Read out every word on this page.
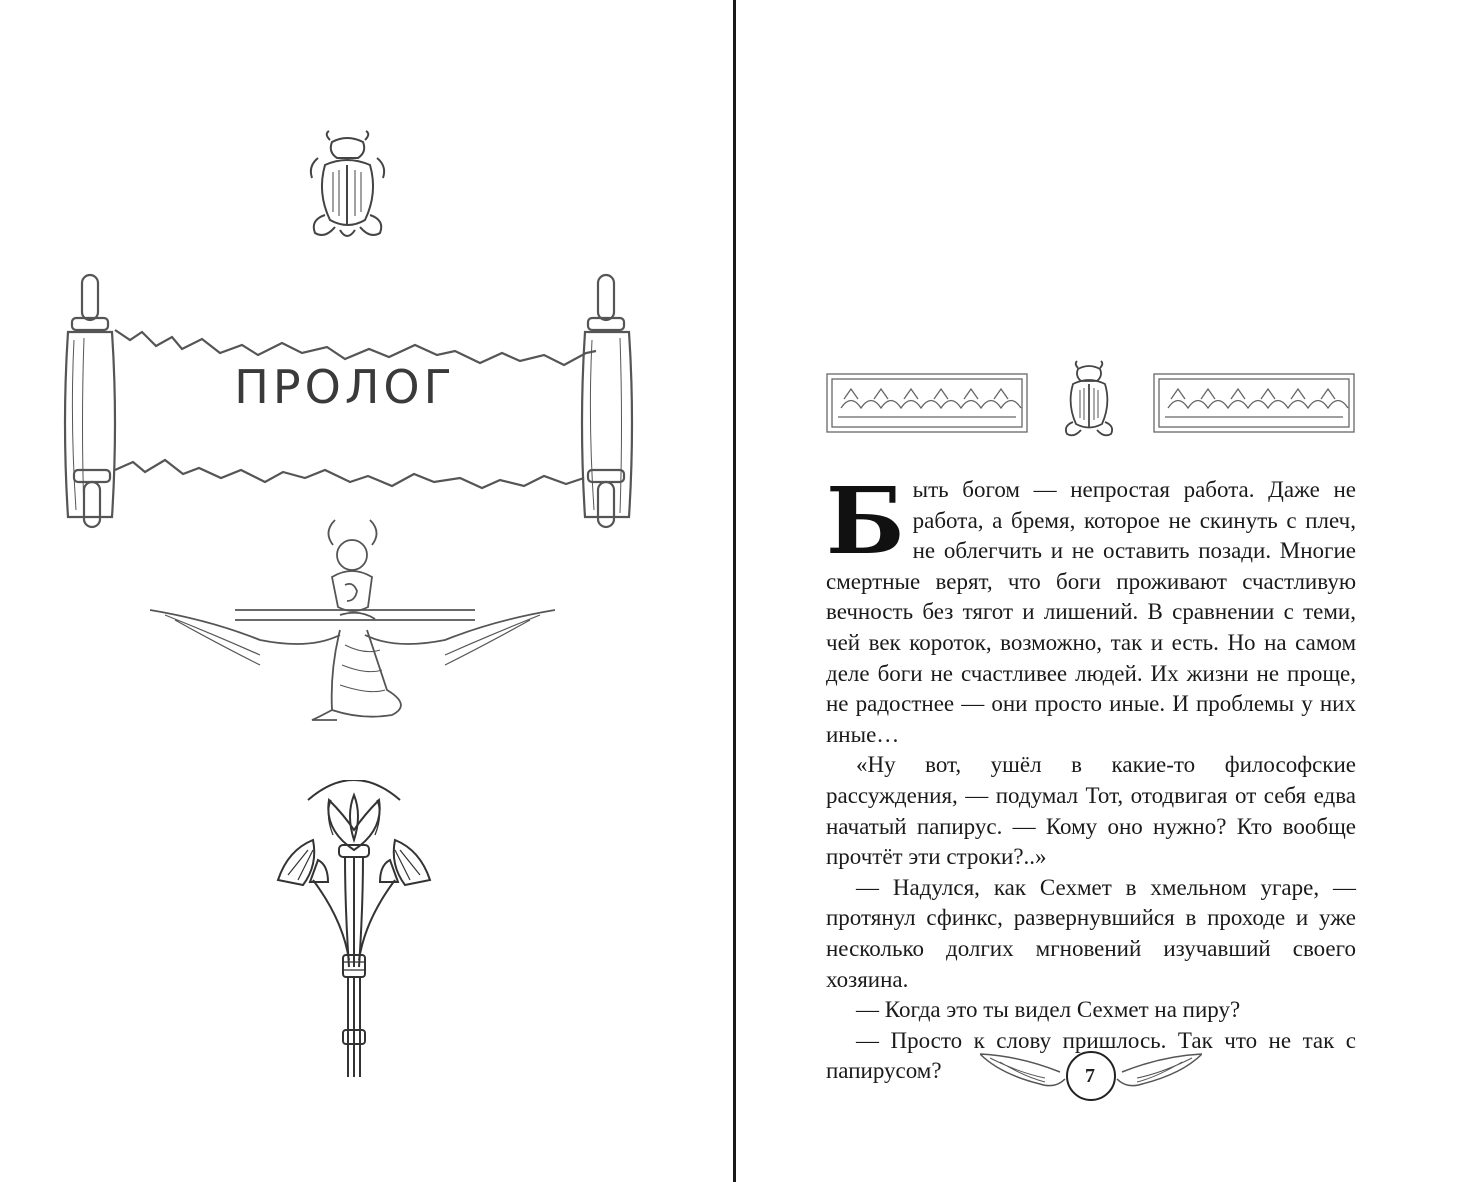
ПРОЛОГ

Быть богом — непростая работа. Даже не работа, а бремя, которое не скинуть с плеч, не облегчить и не оставить позади. Многие смертные верят, что боги проживают счастливую вечность без тягот и лишений. В сравнении с теми, чей век короток, возможно, так и есть. Но на самом деле боги не счастливее людей. Их жизни не проще, не радостнее — они просто иные. И проблемы у них иные…

«Ну вот, ушёл в какие-то философские рассуждения, — подумал Тот, отодвигая от себя едва начатый папирус. — Кому оно нужно? Кто вообще прочтёт эти строки?..»

— Надулся, как Сехмет в хмельном угаре, — протянул сфинкс, развернувшийся в проходе и уже несколько долгих мгновений изучавший своего хозяина.

— Когда это ты видел Сехмет на пиру?

— Просто к слову пришлось. Так что не так с папирусом?	7
